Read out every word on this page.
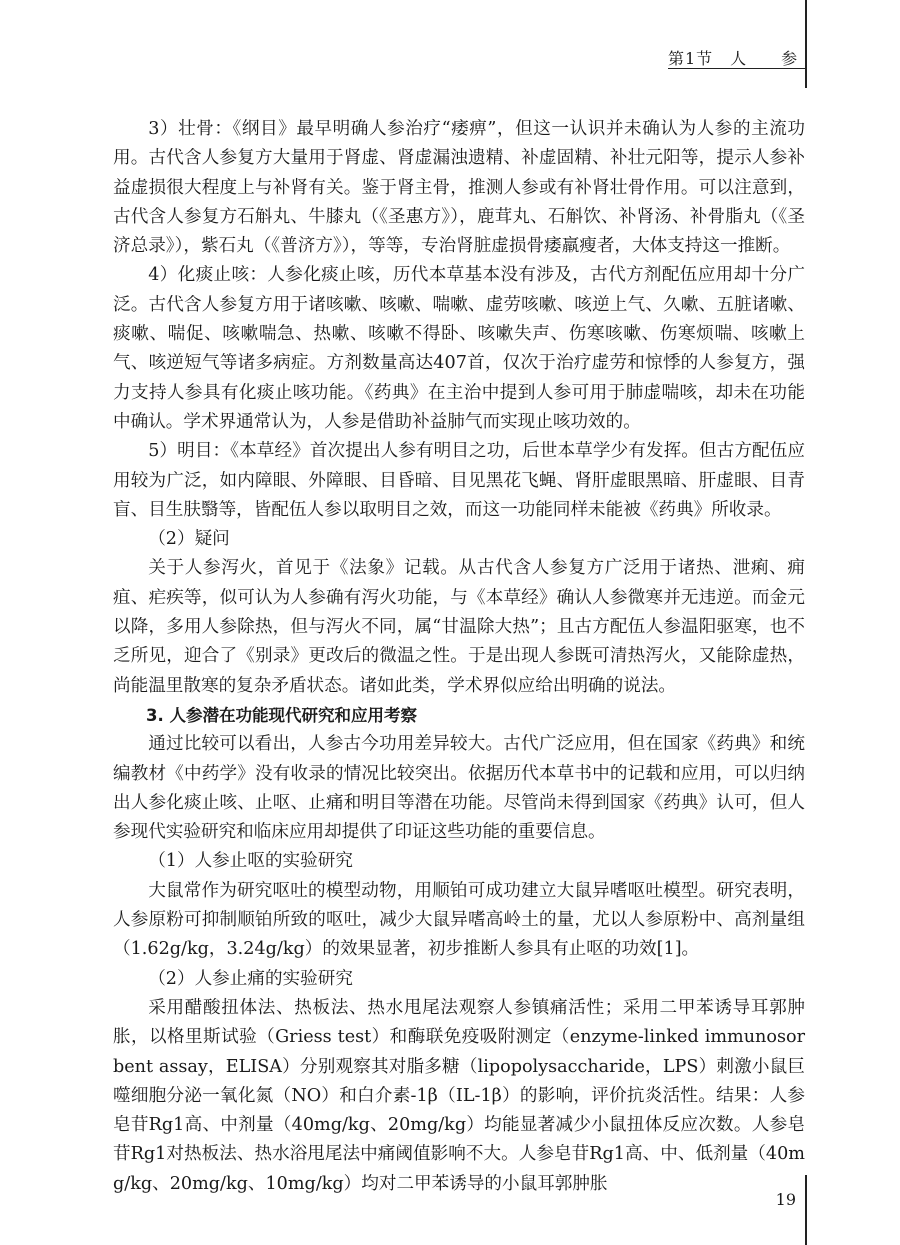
第1节　人　　参

3）壮骨：《纲目》最早明确人参治疗“痿痹”，但这一认识并未确认为人参的主流功用。古代含人参复方大量用于肾虚、肾虚漏浊遗精、补虚固精、补壮元阳等，提示人参补益虚损很大程度上与补肾有关。鉴于肾主骨，推测人参或有补肾壮骨作用。可以注意到，古代含人参复方石斛丸、牛膝丸（《圣惠方》），鹿茸丸、石斛饮、补肾汤、补骨脂丸（《圣济总录》），紫石丸（《普济方》），等等，专治肾脏虚损骨痿羸瘦者，大体支持这一推断。

4）化痰止咳：人参化痰止咳，历代本草基本没有涉及，古代方剂配伍应用却十分广泛。古代含人参复方用于诸咳嗽、咳嗽、喘嗽、虚劳咳嗽、咳逆上气、久嗽、五脏诸嗽、痰嗽、喘促、咳嗽喘急、热嗽、咳嗽不得卧、咳嗽失声、伤寒咳嗽、伤寒烦喘、咳嗽上气、咳逆短气等诸多病症。方剂数量高达407首，仅次于治疗虚劳和惊悸的人参复方，强力支持人参具有化痰止咳功能。《药典》在主治中提到人参可用于肺虚喘咳，却未在功能中确认。学术界通常认为，人参是借助补益肺气而实现止咳功效的。

5）明目：《本草经》首次提出人参有明目之功，后世本草学少有发挥。但古方配伍应用较为广泛，如内障眼、外障眼、目昏暗、目见黑花飞蝇、肾肝虚眼黑暗、肝虚眼、目青盲、目生肤翳等，皆配伍人参以取明目之效，而这一功能同样未能被《药典》所收录。

（2）疑问

关于人参泻火，首见于《法象》记载。从古代含人参复方广泛用于诸热、泄痢、痈疽、疟疾等，似可认为人参确有泻火功能，与《本草经》确认人参微寒并无违逆。而金元以降，多用人参除热，但与泻火不同，属“甘温除大热”；且古方配伍人参温阳驱寒，也不乏所见，迎合了《别录》更改后的微温之性。于是出现人参既可清热泻火，又能除虚热，尚能温里散寒的复杂矛盾状态。诸如此类，学术界似应给出明确的说法。

3. 人参潜在功能现代研究和应用考察

通过比较可以看出，人参古今功用差异较大。古代广泛应用，但在国家《药典》和统编教材《中药学》没有收录的情况比较突出。依据历代本草书中的记载和应用，可以归纳出人参化痰止咳、止呕、止痛和明目等潜在功能。尽管尚未得到国家《药典》认可，但人参现代实验研究和临床应用却提供了印证这些功能的重要信息。

（1）人参止呕的实验研究

大鼠常作为研究呕吐的模型动物，用顺铂可成功建立大鼠异嗜呕吐模型。研究表明，人参原粉可抑制顺铂所致的呕吐，减少大鼠异嗜高岭土的量，尤以人参原粉中、高剂量组（1.62g/kg，3.24g/kg）的效果显著，初步推断人参具有止呕的功效[1]。

（2）人参止痛的实验研究

采用醋酸扭体法、热板法、热水甩尾法观察人参镇痛活性；采用二甲苯诱导耳郭肿胀，以格里斯试验（Griess test）和酶联免疫吸附测定（enzyme-linked immunosorbent assay，ELISA）分别观察其对脂多糖（lipopolysaccharide，LPS）刺激小鼠巨噬细胞分泌一氧化氮（NO）和白介素-1β（IL-1β）的影响，评价抗炎活性。结果：人参皂苷Rg1高、中剂量（40mg/kg、20mg/kg）均能显著减少小鼠扭体反应次数。人参皂苷Rg1对热板法、热水浴甩尾法中痛阈值影响不大。人参皂苷Rg1高、中、低剂量（40mg/kg、20mg/kg、10mg/kg）均对二甲苯诱导的小鼠耳郭肿胀

19
